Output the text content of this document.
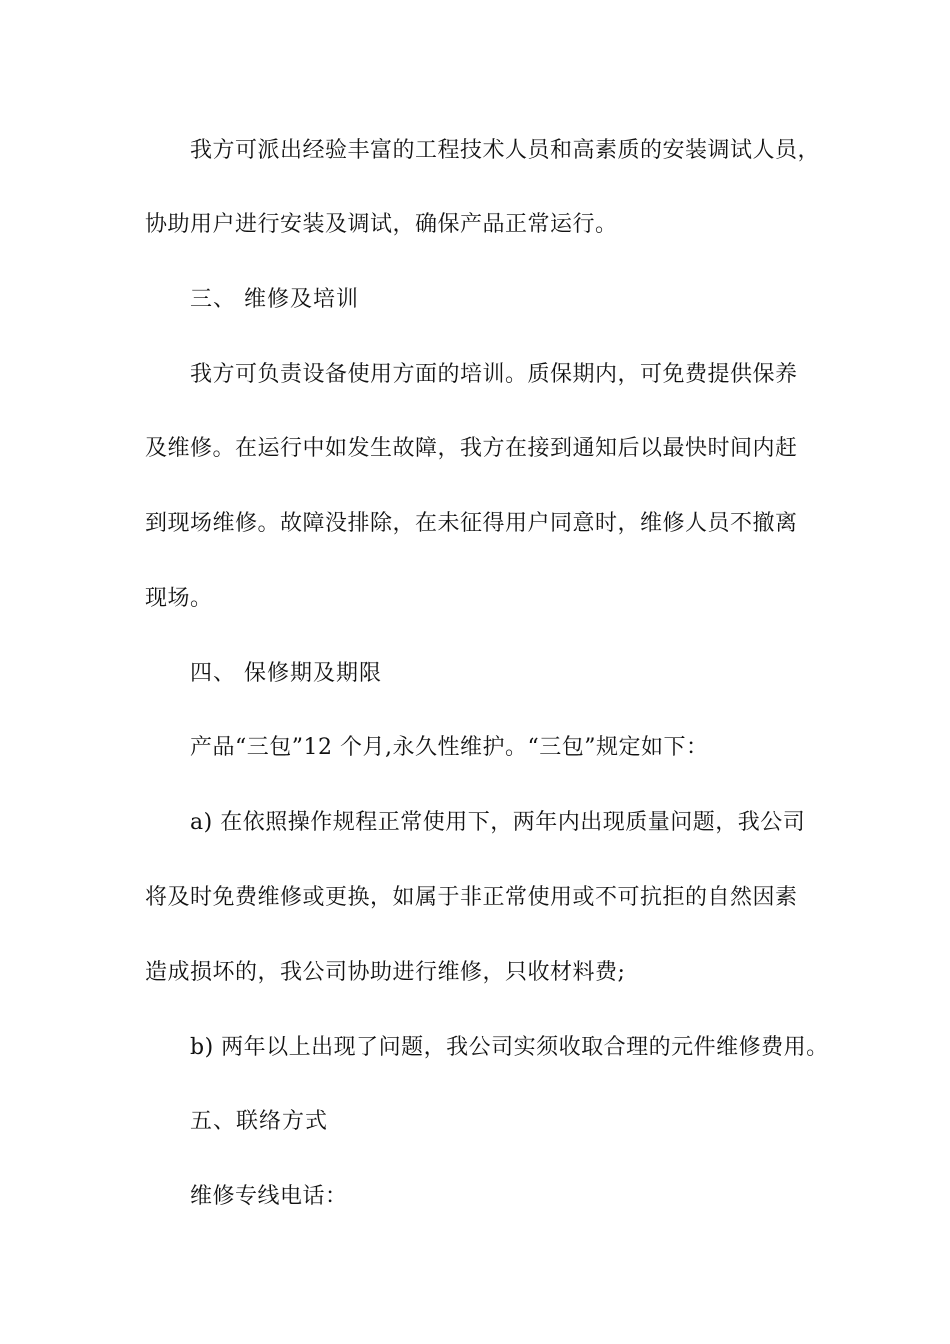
我方可派出经验丰富的工程技术人员和高素质的安装调试人员，
协助用户进行安装及调试，确保产品正常运行。
三、 维修及培训
我方可负责设备使用方面的培训。质保期内，可免费提供保养
及维修。在运行中如发生故障，我方在接到通知后以最快时间内赶
到现场维修。故障没排除，在未征得用户同意时，维修人员不撤离
现场。
四、 保修期及期限
产品“三包”12 个月,永久性维护。“三包”规定如下：
a) 在依照操作规程正常使用下，两年内出现质量问题，我公司
将及时免费维修或更换，如属于非正常使用或不可抗拒的自然因素
造成损坏的，我公司协助进行维修，只收材料费;
b) 两年以上出现了问题，我公司实须收取合理的元件维修费用。
五、联络方式
维修专线电话：
